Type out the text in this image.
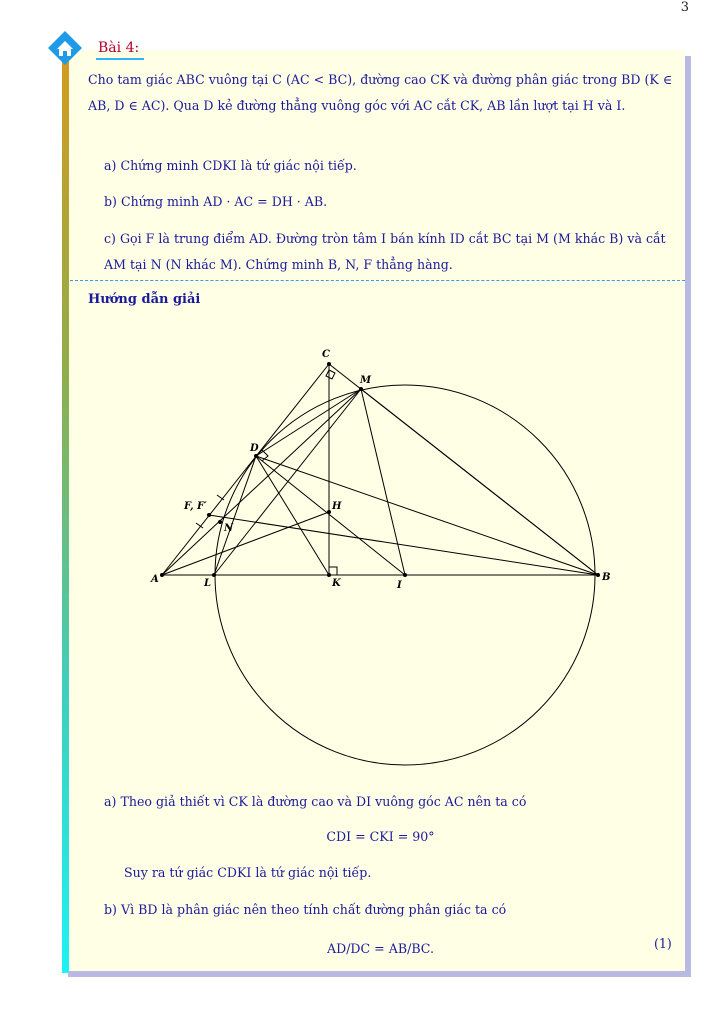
3
Bài 4:
Cho tam giác ABC vuông tại C (AC < BC), đường cao CK và đường phân giác trong BD (K ∈ AB, D ∈ AC). Qua D kẻ đường thẳng vuông góc với AC cắt CK, AB lần lượt tại H và I.
a) Chứng minh CDKI là tứ giác nội tiếp.
b) Chứng minh AD · AC = DH · AB.
c) Gọi F là trung điểm AD. Đường tròn tâm I bán kính ID cắt BC tại M (M khác B) và cắt AM tại N (N khác M). Chứng minh B, N, F thẳng hàng.
Hướng dẫn giải
C
M
D
F, F′
N
H
A	L	K	I
B
a) Theo giả thiết vì CK là đường cao và DI vuông góc AC nên ta có
CDI = CKI = 90°
Suy ra tứ giác CDKI là tứ giác nội tiếp.
b) Vì BD là phân giác nên theo tính chất đường phân giác ta có
AD/DC = AB/BC.	(1)
